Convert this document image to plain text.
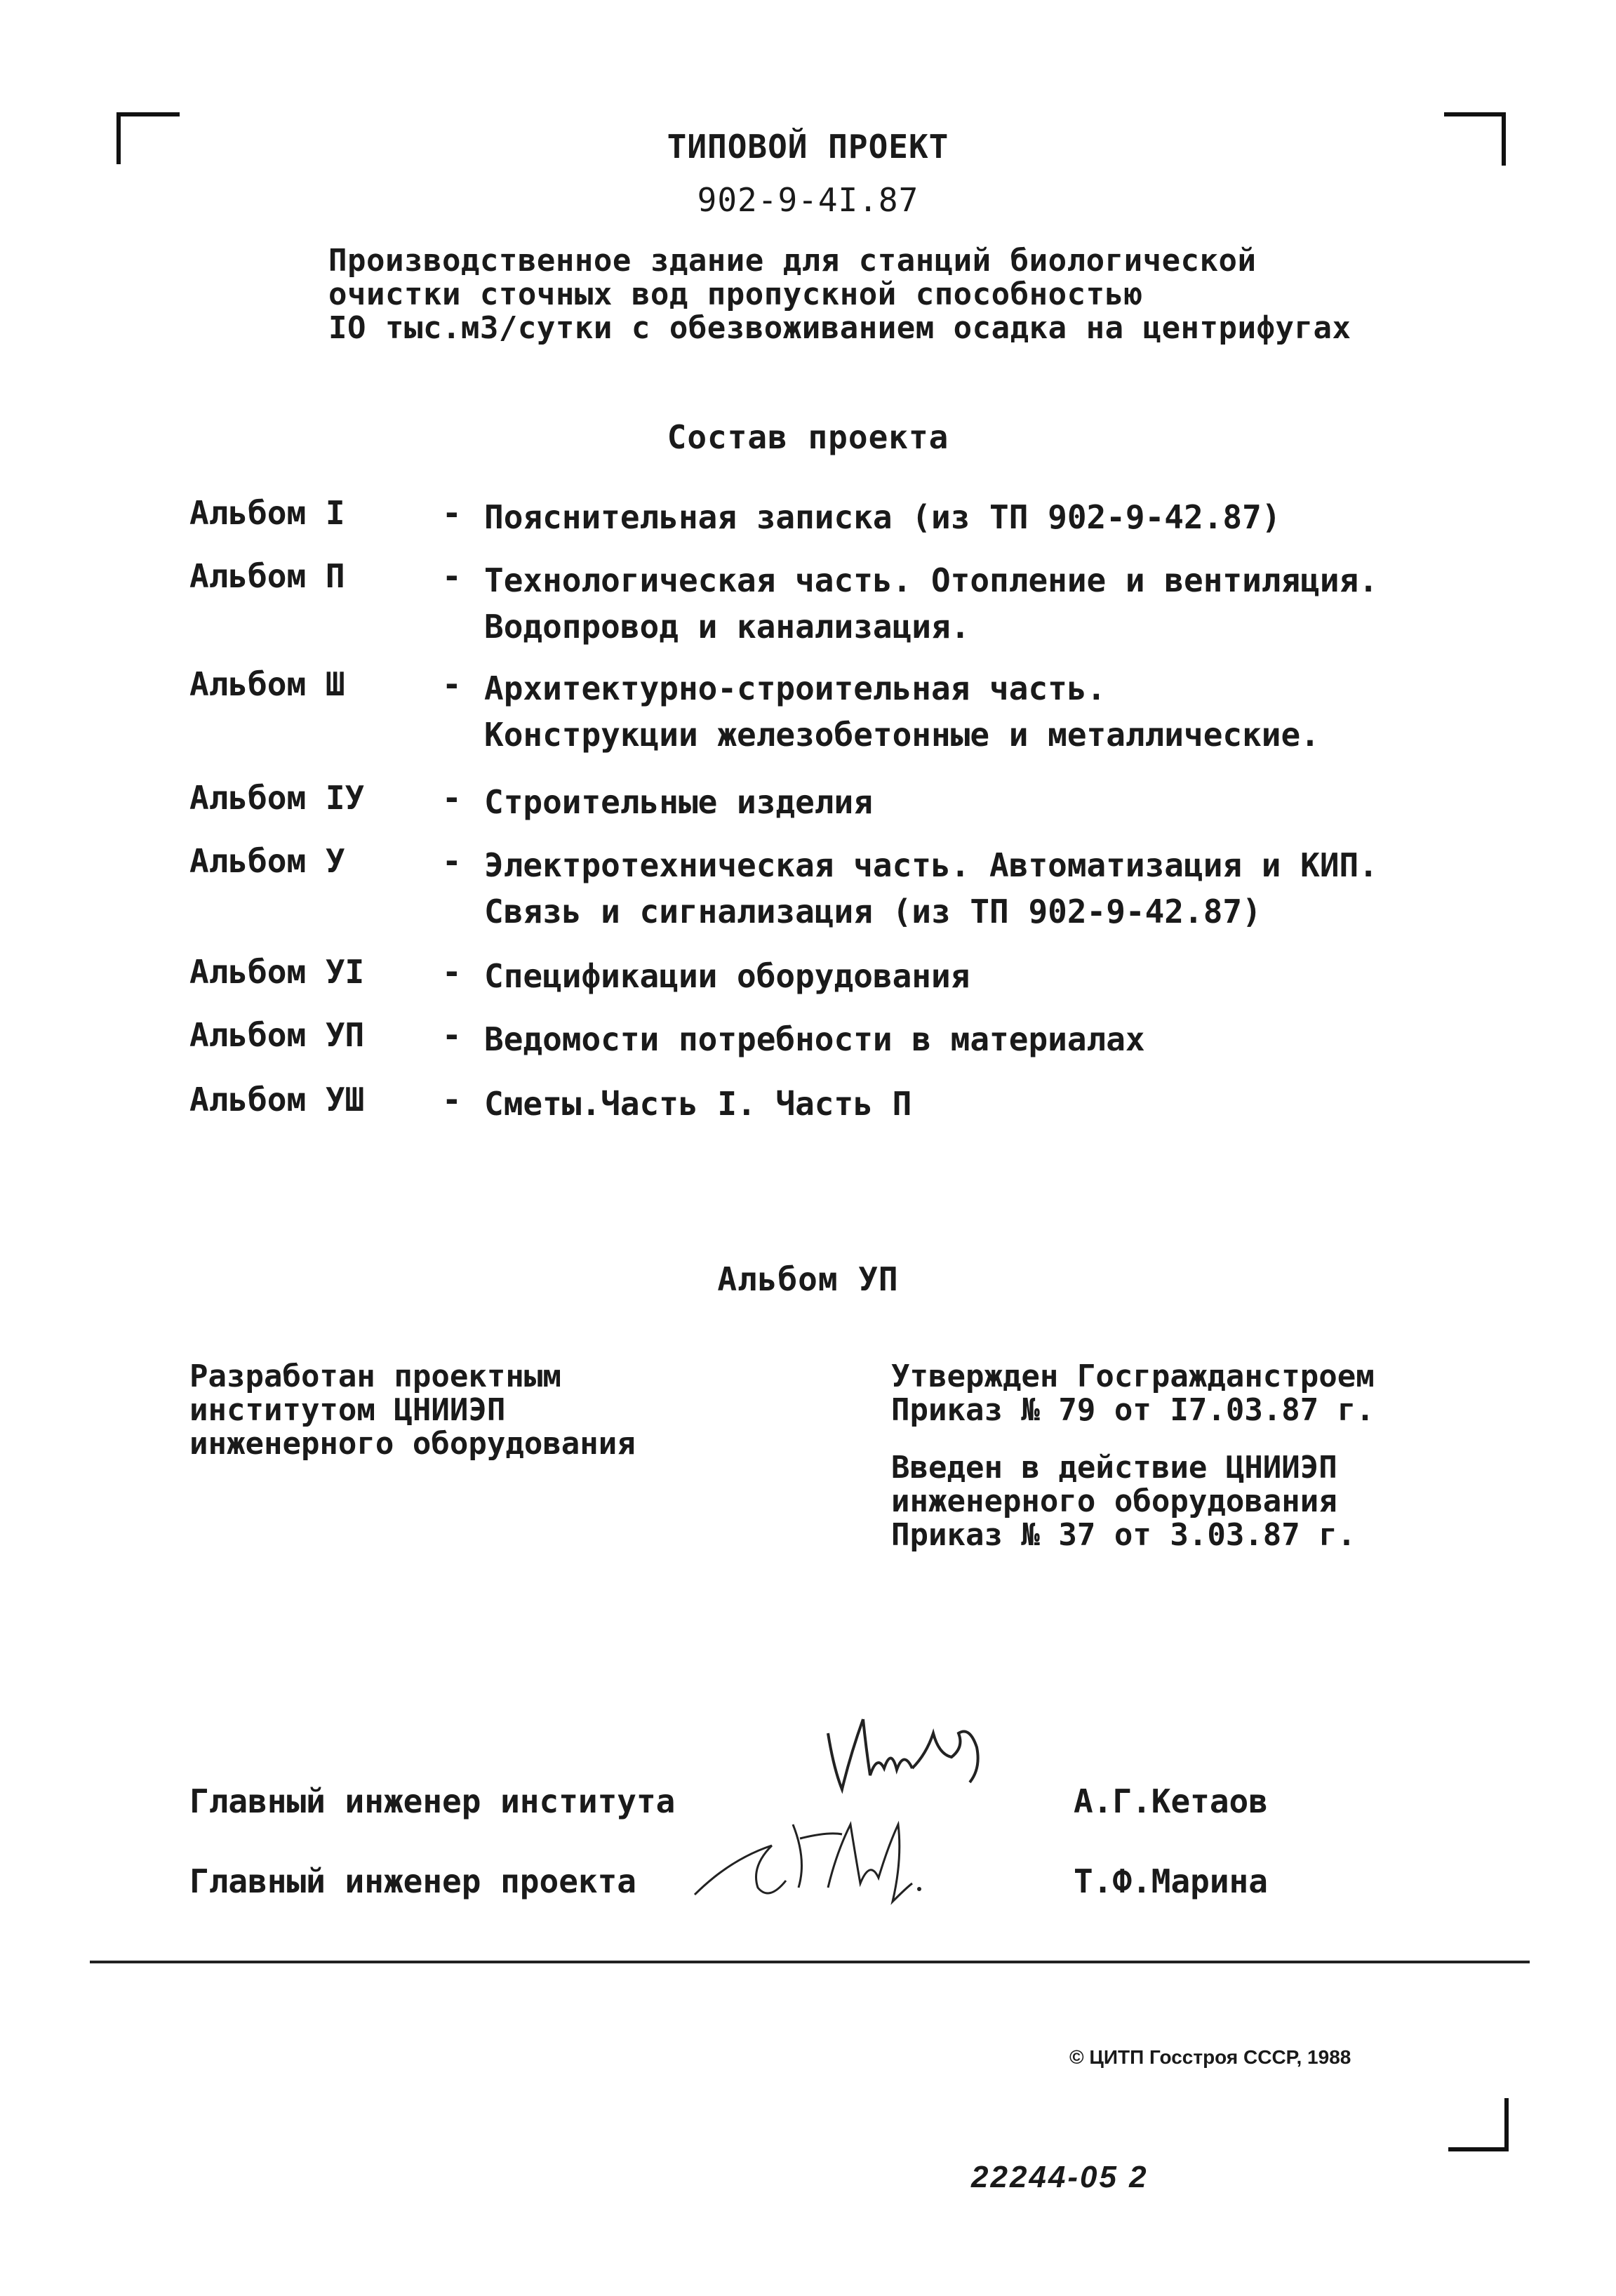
ТИПОВОЙ ПРОЕКТ
902-9-4I.87
Производственное здание для станций биологической
очистки сточных вод пропускной способностью
IO тыс.м3/сутки с обезвоживанием осадка на центрифугах
Состав проекта
Альбом I	- Пояснительная записка (из ТП 902-9-42.87)
Альбом П	- Технологическая часть. Отопление и вентиляция.
Водопровод и канализация.
Альбом Ш	- Архитектурно-строительная часть.
Конструкции железобетонные и металлические.
Альбом IУ - Строительные изделия
Альбом У	- Электротехническая часть. Автоматизация и КИП.
Связь и сигнализация (из ТП 902-9-42.87)
Альбом УI - Спецификации оборудования
Альбом УП - Ведомости потребности в материалах
Альбом УШ - Сметы.Часть I. Часть П
Альбом УП
Разработан проектным
институтом ЦНИИЭП
инженерного оборудования
Утвержден Госгражданстроем
Приказ № 79 от I7.03.87 г.
Введен в действие ЦНИИЭП
инженерного оборудования
Приказ № 37 от 3.03.87 г.
Главный инженер института	А.Г.Кетаов
Главный инженер проекта	Т.Ф.Марина
© ЦИТП Госстроя СССР, 1988
22244-05 2
